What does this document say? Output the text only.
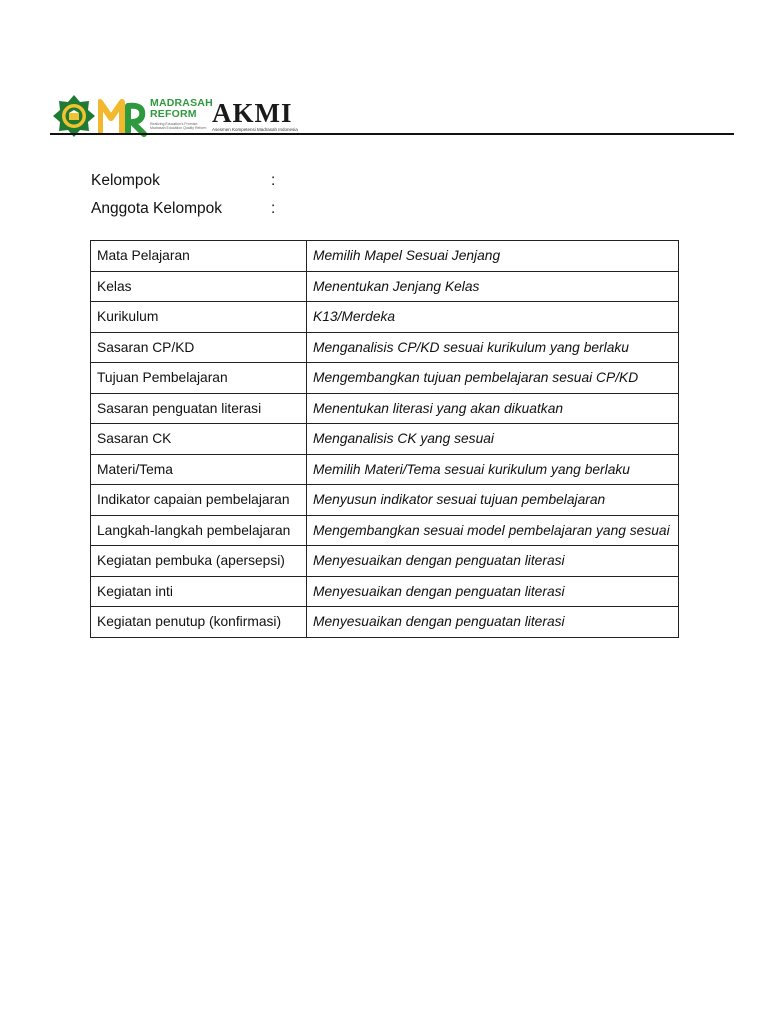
MADRASAH
REFORM
Realizing Education's Promise: Madrasah Education Quality Reform AKMI
Asesmen Kompetensi Madrasah Indonesia
Kelompok	:
Anggota Kelompok	:
Mata Pelajaran	Memilih Mapel Sesuai Jenjang
Kelas	Menentukan Jenjang Kelas
Kurikulum	K13/Merdeka
Sasaran CP/KD	Menganalisis CP/KD sesuai kurikulum yang berlaku
Tujuan Pembelajaran	Mengembangkan tujuan pembelajaran sesuai CP/KD
Sasaran penguatan literasi	Menentukan literasi yang akan dikuatkan
Sasaran CK	Menganalisis CK yang sesuai
Materi/Tema	Memilih Materi/Tema sesuai kurikulum yang berlaku
Indikator capaian pembelajaran	Menyusun indikator sesuai tujuan pembelajaran
Langkah-langkah pembelajaran	Mengembangkan sesuai model pembelajaran yang sesuai
Kegiatan pembuka (apersepsi)	Menyesuaikan dengan penguatan literasi
Kegiatan inti	Menyesuaikan dengan penguatan literasi
Kegiatan penutup (konfirmasi)	Menyesuaikan dengan penguatan literasi
